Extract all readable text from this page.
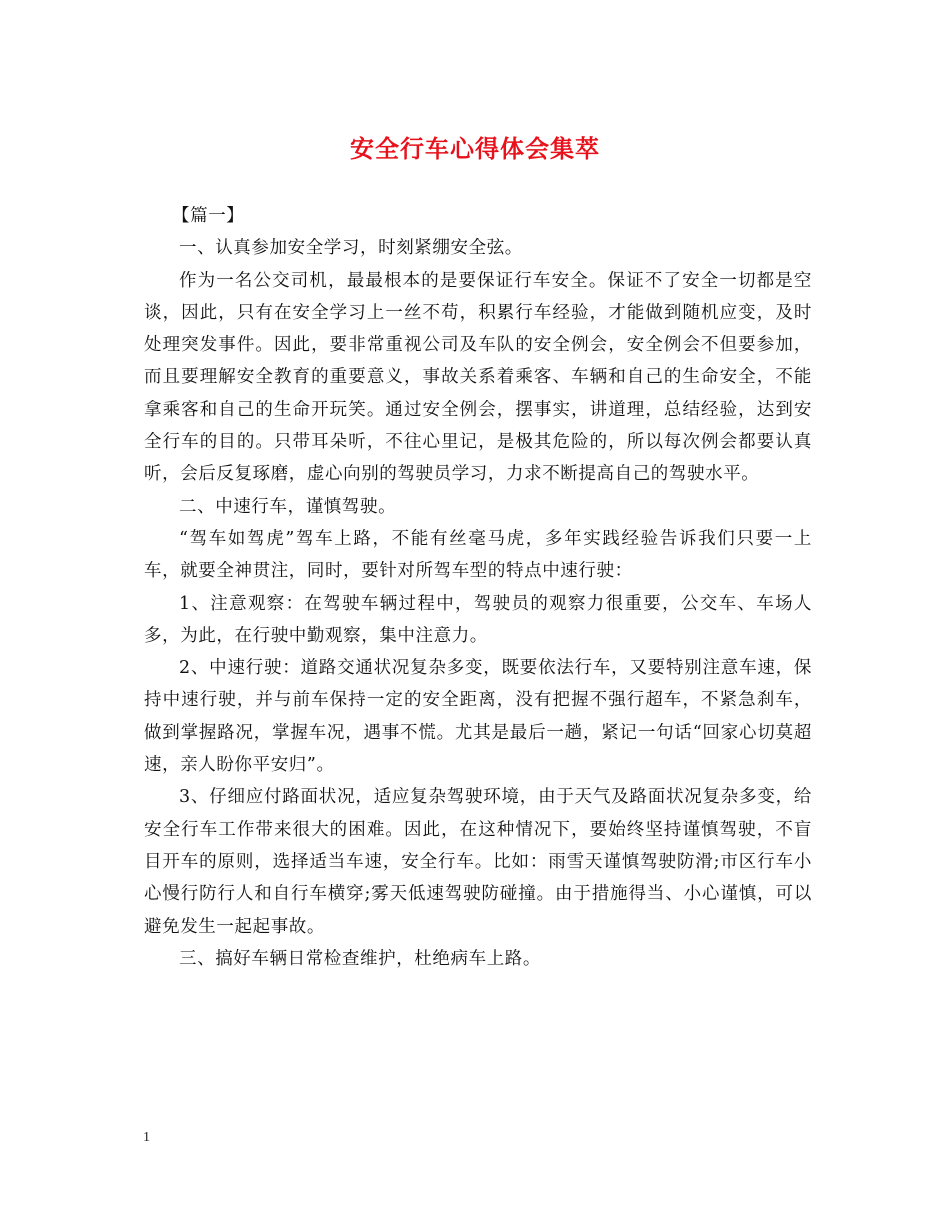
安全行车心得体会集萃

【篇一】

一、认真参加安全学习，时刻紧绷安全弦。

作为一名公交司机，最最根本的是要保证行车安全。保证不了安全一切都是空谈，因此，只有在安全学习上一丝不苟，积累行车经验，才能做到随机应变，及时处理突发事件。因此，要非常重视公司及车队的安全例会，安全例会不但要参加，而且要理解安全教育的重要意义，事故关系着乘客、车辆和自己的生命安全，不能拿乘客和自己的生命开玩笑。通过安全例会，摆事实，讲道理，总结经验，达到安全行车的目的。只带耳朵听，不往心里记，是极其危险的，所以每次例会都要认真听，会后反复琢磨，虚心向别的驾驶员学习，力求不断提高自己的驾驶水平。

二、中速行车，谨慎驾驶。

“驾车如驾虎”驾车上路，不能有丝毫马虎，多年实践经验告诉我们只要一上车，就要全神贯注，同时，要针对所驾车型的特点中速行驶：

1、注意观察：在驾驶车辆过程中，驾驶员的观察力很重要，公交车、车场人多，为此，在行驶中勤观察，集中注意力。

2、中速行驶：道路交通状况复杂多变，既要依法行车，又要特别注意车速，保持中速行驶，并与前车保持一定的安全距离，没有把握不强行超车，不紧急刹车，做到掌握路况，掌握车况，遇事不慌。尤其是最后一趟，紧记一句话“回家心切莫超速，亲人盼你平安归”。

3、仔细应付路面状况，适应复杂驾驶环境，由于天气及路面状况复杂多变，给安全行车工作带来很大的困难。因此，在这种情况下，要始终坚持谨慎驾驶，不盲目开车的原则，选择适当车速，安全行车。比如：雨雪天谨慎驾驶防滑;市区行车小心慢行防行人和自行车横穿;雾天低速驾驶防碰撞。由于措施得当、小心谨慎，可以避免发生一起起事故。

三、搞好车辆日常检查维护，杜绝病车上路。

1
